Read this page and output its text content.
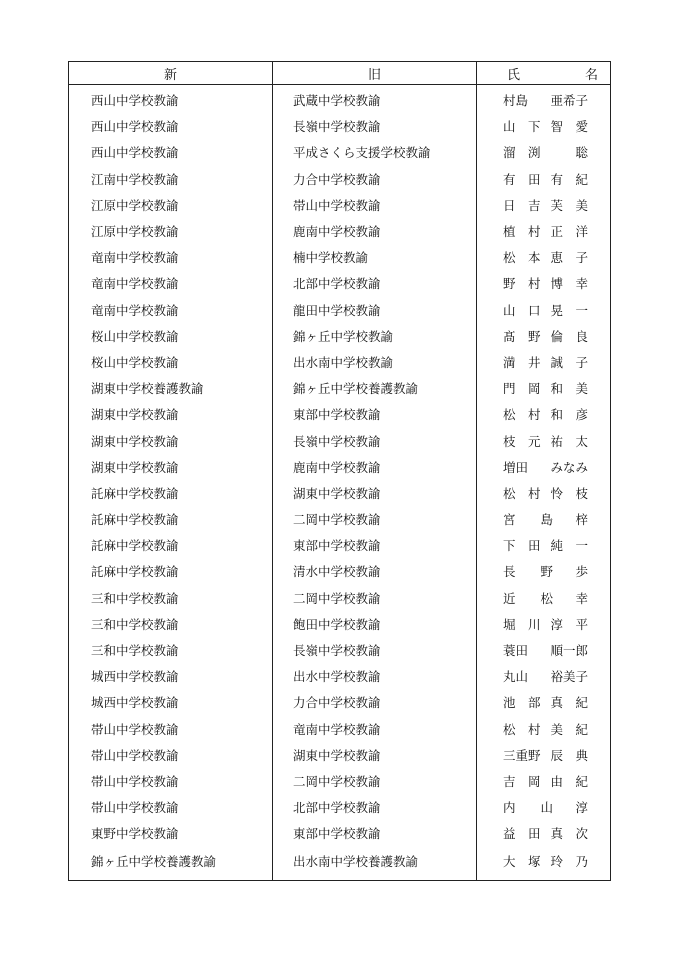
新	旧	氏 名

西山中学校教諭	武蔵中学校教諭	村島 亜希子

西山中学校教諭	長嶺中学校教諭	山　下 智　愛

西山中学校教諭	平成さくら支援学校教諭	溜　渕 聡

江南中学校教諭	力合中学校教諭	有　田 有　紀

江原中学校教諭	帯山中学校教諭	日　吉 芙　美

江原中学校教諭	鹿南中学校教諭	植　村 正　洋

竜南中学校教諭	楠中学校教諭	松　本 恵　子

竜南中学校教諭	北部中学校教諭	野　村 博　幸

竜南中学校教諭	龍田中学校教諭	山　口 晃　一

桜山中学校教諭	錦ヶ丘中学校教諭	髙　野 倫　良

桜山中学校教諭	出水南中学校教諭	満　井 誠　子

湖東中学校養護教諭	錦ヶ丘中学校養護教諭	門　岡 和　美

湖東中学校教諭	東部中学校教諭	松　村 和　彦

湖東中学校教諭	長嶺中学校教諭	枝　元 祐　太

湖東中学校教諭	鹿南中学校教諭	増田 みなみ

託麻中学校教諭	湖東中学校教諭	松　村 怜　枝

託麻中学校教諭	二岡中学校教諭	宮　　島 梓

託麻中学校教諭	東部中学校教諭	下　田 純　一

託麻中学校教諭	清水中学校教諭	長　　野 歩

三和中学校教諭	二岡中学校教諭	近　　松 幸

三和中学校教諭	飽田中学校教諭	堀　川 淳　平

三和中学校教諭	長嶺中学校教諭	蓑田 順一郎

城西中学校教諭	出水中学校教諭	丸山 裕美子

城西中学校教諭	力合中学校教諭	池　部 真　紀

帯山中学校教諭	竜南中学校教諭	松　村 美　紀

帯山中学校教諭	湖東中学校教諭	三重野 辰　典

帯山中学校教諭	二岡中学校教諭	吉　岡 由　紀

帯山中学校教諭	北部中学校教諭	内　　山 淳

東野中学校教諭	東部中学校教諭	益　田 真　次

錦ヶ丘中学校養護教諭	出水南中学校養護教諭	大　塚 玲　乃
